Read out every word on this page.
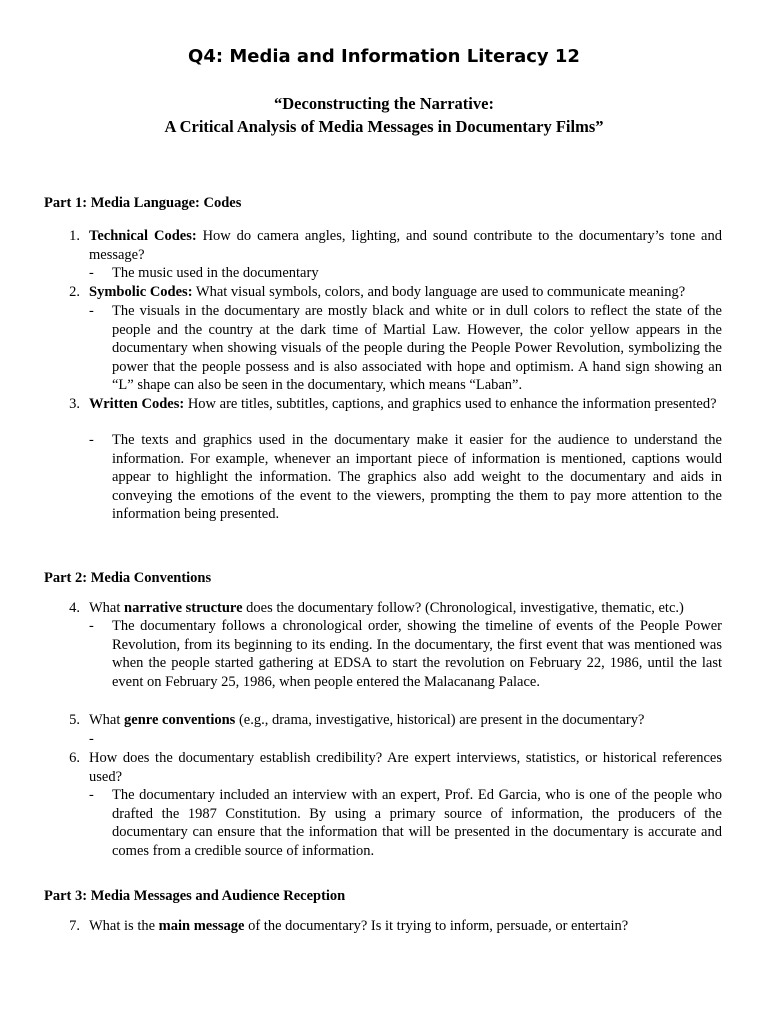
Q4: Media and Information Literacy 12
“Deconstructing the Narrative:
A Critical Analysis of Media Messages in Documentary Films”
Part 1: Media Language: Codes
1. Technical Codes: How do camera angles, lighting, and sound contribute to the documentary’s tone and message?
- The music used in the documentary
2. Symbolic Codes: What visual symbols, colors, and body language are used to communicate meaning?
- The visuals in the documentary are mostly black and white or in dull colors to reflect the state of the people and the country at the dark time of Martial Law. However, the color yellow appears in the documentary when showing visuals of the people during the People Power Revolution, symbolizing the power that the people possess and is also associated with hope and optimism. A hand sign showing an “L” shape can also be seen in the documentary, which means “Laban”.
3. Written Codes: How are titles, subtitles, captions, and graphics used to enhance the information presented?
- The texts and graphics used in the documentary make it easier for the audience to understand the information. For example, whenever an important piece of information is mentioned, captions would appear to highlight the information. The graphics also add weight to the documentary and aids in conveying the emotions of the event to the viewers, prompting the them to pay more attention to the information being presented.
Part 2: Media Conventions
4. What narrative structure does the documentary follow? (Chronological, investigative, thematic, etc.)
- The documentary follows a chronological order, showing the timeline of events of the People Power Revolution, from its beginning to its ending. In the documentary, the first event that was mentioned was when the people started gathering at EDSA to start the revolution on February 22, 1986, until the last event on February 25, 1986, when people entered the Malacanang Palace.
5. What genre conventions (e.g., drama, investigative, historical) are present in the documentary?
-
6. How does the documentary establish credibility? Are expert interviews, statistics, or historical references used?
- The documentary included an interview with an expert, Prof. Ed Garcia, who is one of the people who drafted the 1987 Constitution. By using a primary source of information, the producers of the documentary can ensure that the information that will be presented in the documentary is accurate and comes from a credible source of information.
Part 3: Media Messages and Audience Reception
7. What is the main message of the documentary? Is it trying to inform, persuade, or entertain?
